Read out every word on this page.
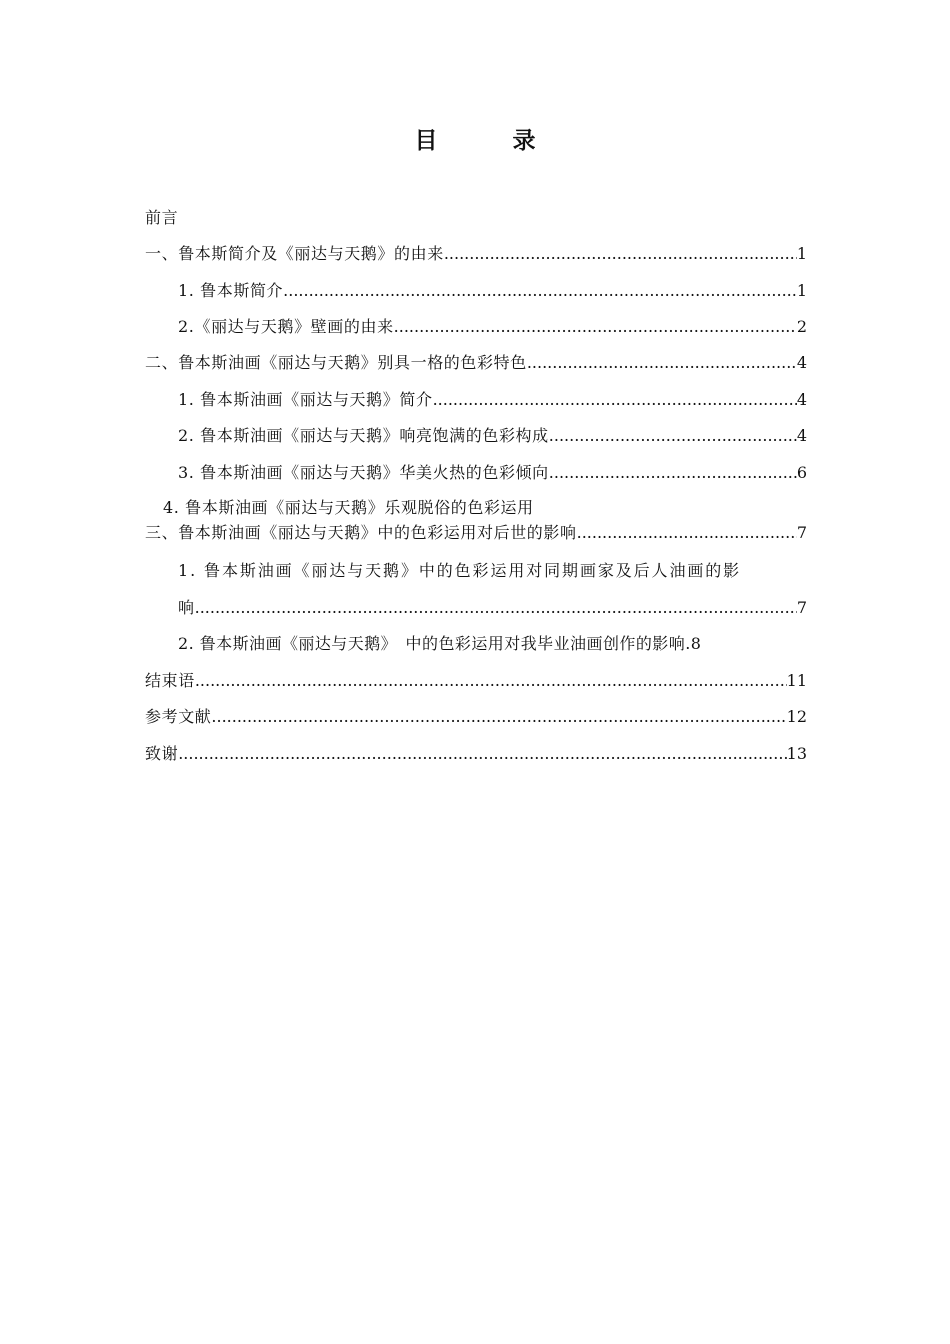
目　录
前言
一、鲁本斯简介及《丽达与天鹅》的由来 .....	1
1. 鲁本斯简介 .....	1
2.《丽达与天鹅》壁画的由来 .....	2
二、鲁本斯油画《丽达与天鹅》别具一格的色彩特色 .....	4
1. 鲁本斯油画《丽达与天鹅》简介 .....	4
2. 鲁本斯油画《丽达与天鹅》响亮饱满的色彩构成 .....	4
3. 鲁本斯油画《丽达与天鹅》华美火热的色彩倾向 .....	6
4. 鲁本斯油画《丽达与天鹅》乐观脱俗的色彩运用
三、鲁本斯油画《丽达与天鹅》中的色彩运用对后世的影响 .....	7
1. 鲁本斯油画《丽达与天鹅》中的色彩运用对同期画家及后人油画的影
响 .....	7
2. 鲁本斯油画《丽达与天鹅》　中的色彩运用对我毕业油画创作的影响. 8
结束语 .....	11
参考文献 .....	12
致谢 .....	13
